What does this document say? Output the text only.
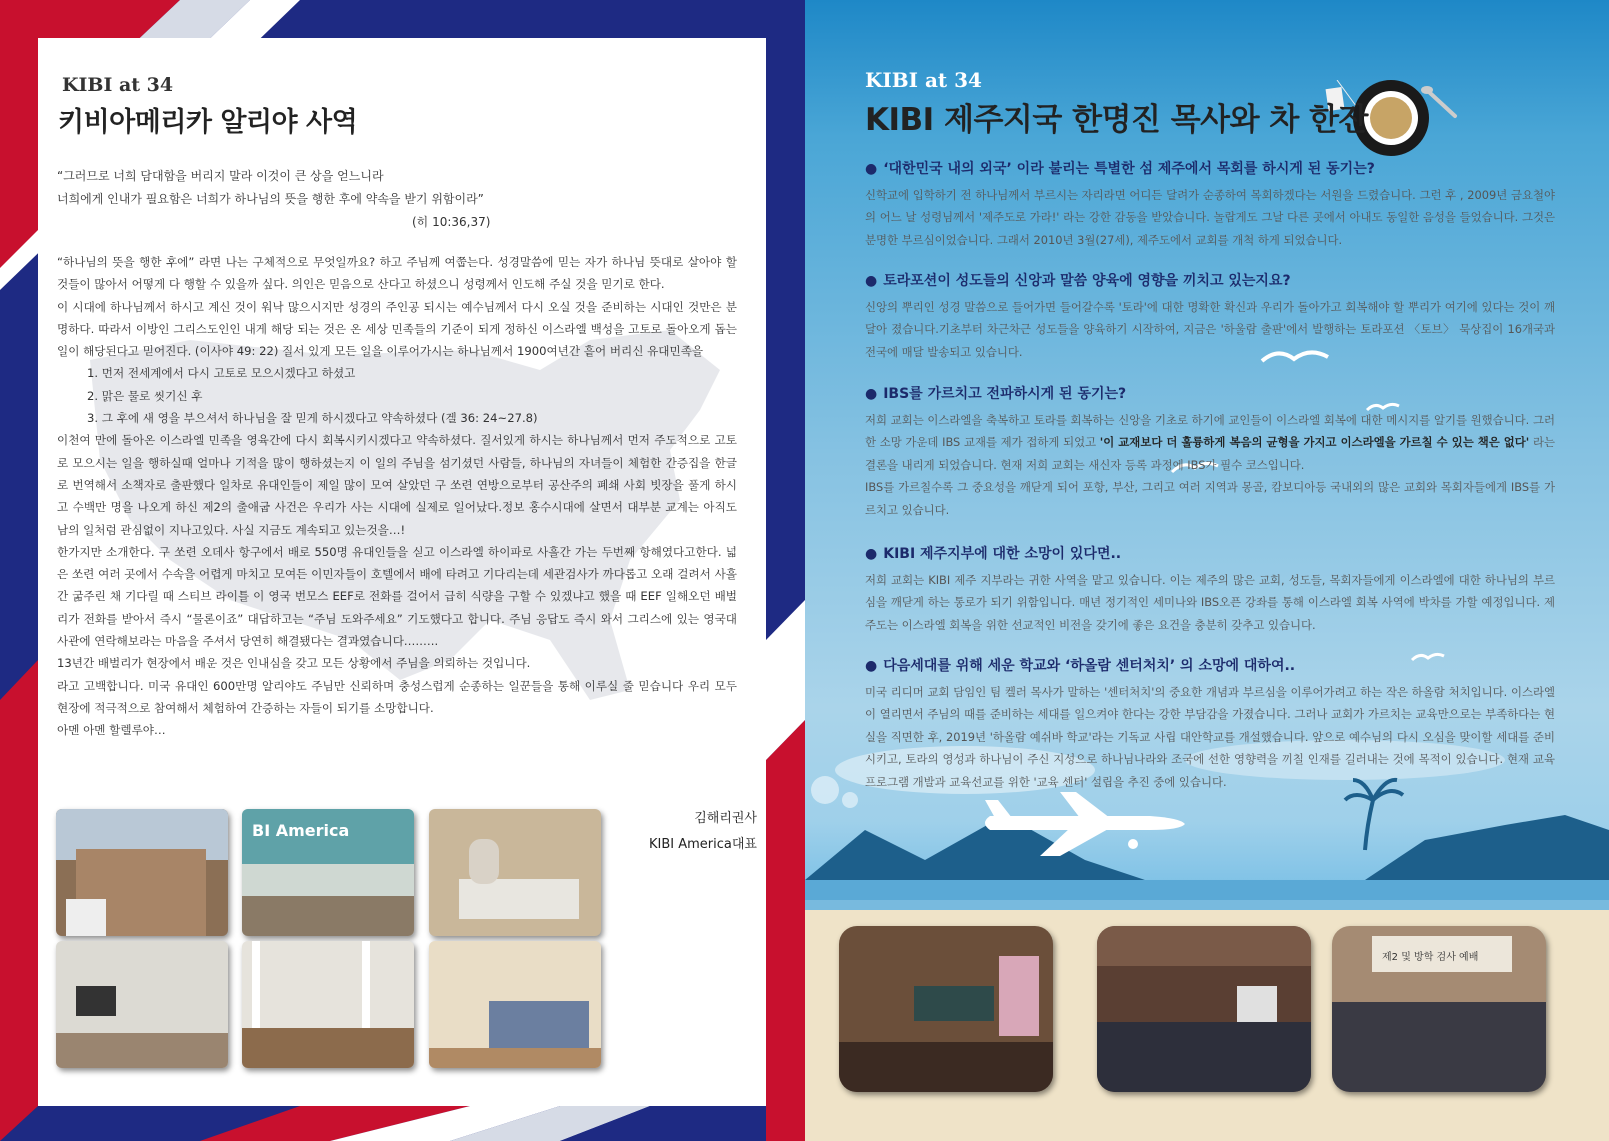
KIBI at 34
키비아메리카 알리야 사역
“그러므로 너희 담대함을 버리지 말라 이것이 큰 상을 얻느니라
너희에게 인내가 필요함은 너희가 하나님의 뜻을 행한 후에 약속을 받기 위함이라”
(히 10:36,37)

“하나님의 뜻을 행한 후에” 라면 나는 구체적으로 무엇일까요? 하고 주님께 여쭙는다. 성경말씀에 믿는 자가 하나님 뜻대로 살아야 할 것들이 많아서 어떻게 다 행할 수 있을까 싶다. 의인은 믿음으로 산다고 하셨으니 성령께서 인도해 주실 것을 믿기로 한다.

이 시대에 하나님께서 하시고 계신 것이 워낙 많으시지만 성경의 주인공 되시는 예수님께서 다시 오실 것을 준비하는 시대인 것만은 분명하다. 따라서 이방인 그리스도인인 내게 해당 되는 것은 온 세상 민족들의 기준이 되게 정하신 이스라엘 백성을 고토로 돌아오게 돕는 일이 해당된다고 믿어진다. (이사야 49: 22) 질서 있게 모든 일을 이루어가시는 하나님께서 1900여년간 흩어 버리신 유대민족을

1. 먼저 전세계에서 다시 고토로 모으시겠다고 하셨고

2. 맑은 물로 씻기신 후

3. 그 후에 새 영을 부으셔서 하나님을 잘 믿게 하시겠다고 약속하셨다 (겔 36: 24~27.8)

이천여 만에 돌아온 이스라엘 민족을 영육간에 다시 회복시키시겠다고 약속하셨다. 질서있게 하시는 하나님께서 먼저 주도적으로 고토로 모으시는 일을 행하실때 얼마나 기적을 많이 행하셨는지 이 일의 주님을 섬기셨던 사람들, 하나님의 자녀들이 체험한 간증집을 한글로 번역해서 소책자로 출판했다 일차로 유대인들이 제일 많이 모여 살았던 구 쏘련 연방으로부터 공산주의 폐쇄 사회 빗장을 풀게 하시고 수백만 명을 나오게 하신 제2의 출애굽 사건은 우리가 사는 시대에 실제로 일어났다.정보 홍수시대에 살면서 대부분 교계는 아직도 남의 일처럼 관심없이 지나고있다. 사실 지금도 계속되고 있는것을…!

한가지만 소개한다. 구 쏘련 오데사 항구에서 배로 550명 유대인들을 싣고 이스라엘 하이파로 사흘간 가는 두번째 항해였다고한다. 넓은 쏘련 여러 곳에서 수속을 어렵게 마치고 모여든 이민자들이 호텔에서 배에 타려고 기다리는데 세관검사가 까다롭고 오래 걸려서 사흘간 굶주린 채 기다릴 때 스티브 라이틀 이 영국 번모스 EEF로 전화를 걸어서 급히 식량을 구할 수 있겠냐고 했을 때 EEF 일해오던 배벌 리가 전화를 받아서 즉시 “물론이죠” 대답하고는 “주님 도와주세요” 기도했다고 합니다. 주님 응답도 즉시 와서 그리스에 있는 영국대사관에 연락해보라는 마음을 주셔서 당연히 해결됐다는 결과였습니다.……..

13년간 배벌리가 현장에서 배운 것은 인내심을 갖고 모든 상황에서 주님을 의뢰하는 것입니다.

라고 고백합니다. 미국 유대인 600만명 알리야도 주님만 신뢰하며 충성스럽게 순종하는 일꾼들을 통해 이루실 줄 믿습니다 우리 모두 현장에 적극적으로 참여해서 체험하여 간증하는 자들이 되기를 소망합니다.

아멘 아멘 할렐루야…

김해리권사
KIBI America대표
BI America
KIBI at 34
KIBI 제주지국 한명진 목사와 차 한잔
● ‘대한민국 내의 외국’ 이라 불리는 특별한 섬 제주에서 목회를 하시게 된 동기는?

신학교에 입학하기 전 하나님께서 부르시는 자리라면 어디든 달려가 순종하여 목회하겠다는 서원을 드렸습니다. 그런 후 , 2009년 금요철야의 어느 날 성령님께서 '제주도로 가라!' 라는 강한 감동을 받았습니다. 놀랍게도 그날 다른 곳에서 아내도 동일한 음성을 들었습니다. 그것은 분명한 부르심이었습니다. 그래서 2010년 3월(27세), 제주도에서 교회를 개척 하게 되었습니다.

● 토라포션이 성도들의 신앙과 말씀 양육에 영향을 끼치고 있는지요?

신앙의 뿌리인 성경 말씀으로 들어가면 들어갈수록 '토라'에 대한 명확한 확신과 우리가 돌아가고 회복해야 할 뿌리가 여기에 있다는 것이 깨달아 졌습니다.기초부터 차근차근 성도들을 양육하기 시작하여, 지금은 '하울람 출판'에서 발행하는 토라포션 〈토브〉 묵상집이 16개국과 전국에 매달 발송되고 있습니다.

● IBS를 가르치고 전파하시게 된 동기는?

저희 교회는 이스라엘을 축복하고 토라를 회복하는 신앙을 기초로 하기에 교인들이 이스라엘 회복에 대한 메시지를 알기를 원했습니다. 그러한 소망 가운데 IBS 교재를 제가 접하게 되었고 '이 교재보다 더 훌륭하게 복음의 균형을 가지고 이스라엘을 가르칠 수 있는 책은 없다' 라는 결론을 내리게 되었습니다. 현재 저희 교회는 새신자 등록 과정에 IBS가 필수 코스입니다.

IBS를 가르칠수록 그 중요성을 깨닫게 되어 포항, 부산, 그리고 여러 지역과 몽골, 캄보디아등 국내외의 많은 교회와 목회자들에게 IBS를 가르치고 있습니다.

● KIBI 제주지부에 대한 소망이 있다면..

저희 교회는 KIBI 제주 지부라는 귀한 사역을 맡고 있습니다. 이는 제주의 많은 교회, 성도들, 목회자들에게 이스라엘에 대한 하나님의 부르심을 깨닫게 하는 통로가 되기 위함입니다. 매년 정기적인 세미나와 IBS오픈 강좌를 통해 이스라엘 회복 사역에 박차를 가할 예정입니다. 제주도는 이스라엘 회복을 위한 선교적인 비전을 갖기에 좋은 요건을 충분히 갖추고 있습니다.

● 다음세대를 위해 세운 학교와 ‘하올람 센터처치’ 의 소망에 대하여..

미국 리디머 교회 담임인 팀 켈러 목사가 말하는 '센터처치'의 중요한 개념과 부르심을 이루어가려고 하는 작은 하올람 처치입니다. 이스라엘이 열리면서 주님의 때를 준비하는 세대를 일으켜야 한다는 강한 부담감을 가졌습니다. 그러나 교회가 가르치는 교육만으로는 부족하다는 현실을 직면한 후, 2019년 '하올람 예쉬바 학교'라는 기독교 사립 대안학교를 개설했습니다. 앞으로 예수님의 다시 오심을 맞이할 세대를 준비시키고, 토라의 영성과 하나님이 주신 지성으로 하나님나라와 조국에 선한 영향력을 끼칠 인재를 길러내는 것에 목적이 있습니다. 현재 교육 프로그램 개발과 교육선교를 위한 '교육 센터' 설립을 추진 중에 있습니다.

제2 및 방학 검사 예배
